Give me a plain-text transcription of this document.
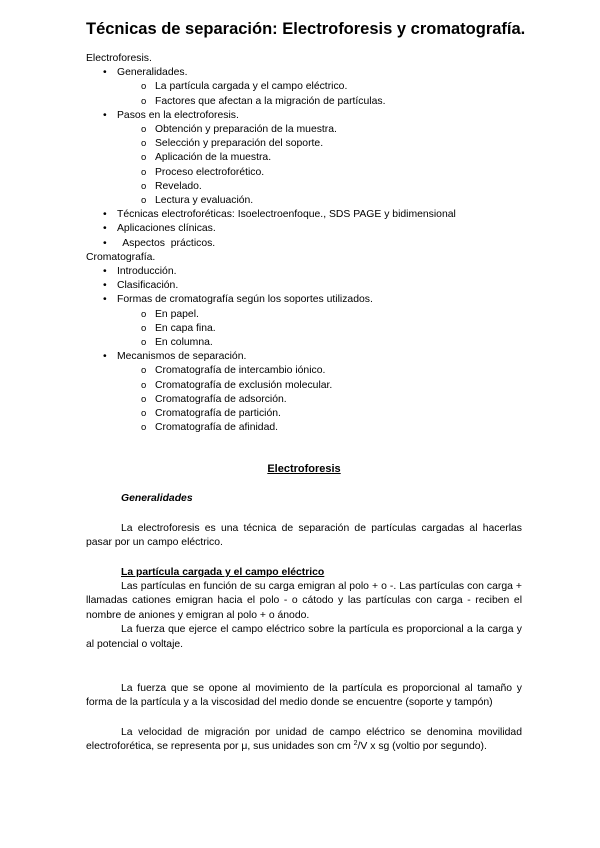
Técnicas de separación: Electroforesis y cromatografía.
Electroforesis.
• Generalidades.
o La partícula cargada y el campo eléctrico.
o Factores que afectan a la migración de partículas.
• Pasos en la electroforesis.
o Obtención y preparación de la muestra.
o Selección y preparación del soporte.
o Aplicación de la muestra.
o Proceso electroforético.
o Revelado.
o Lectura y evaluación.
• Técnicas electroforéticas: Isoelectroenfoque., SDS PAGE y bidimensional
• Aplicaciones clínicas.
•   Aspectos  prácticos.
Cromatografía.
• Introducción.
• Clasificación.
• Formas de cromatografía según los soportes utilizados.
o En papel.
o En capa fina.
o En columna.
• Mecanismos de separación.
o Cromatografía de intercambio iónico.
o Cromatografía de exclusión molecular.
o Cromatografía de adsorción.
o Cromatografía de partición.
o Cromatografía de afinidad.
Electroforesis
Generalidades

La electroforesis es una técnica de separación de partículas cargadas al hacerlas pasar por un campo eléctrico.

La partícula cargada y el campo eléctrico

Las partículas en función de su carga emigran al polo + o -. Las partículas con carga + llamadas cationes emigran hacia el polo - o cátodo y las partículas con carga - reciben el nombre de aniones y emigran al polo + o ánodo.

La fuerza que ejerce el campo eléctrico sobre la partícula es proporcional a la carga y al potencial o voltaje.

La fuerza que se opone al movimiento de la partícula es proporcional al tamaño y forma de la partícula y a la viscosidad del medio donde se encuentre (soporte y tampón)

La velocidad de migración por unidad de campo eléctrico se denomina movilidad electroforética, se representa por μ, sus unidades son cm $^2$/V x sg (voltio por segundo).
